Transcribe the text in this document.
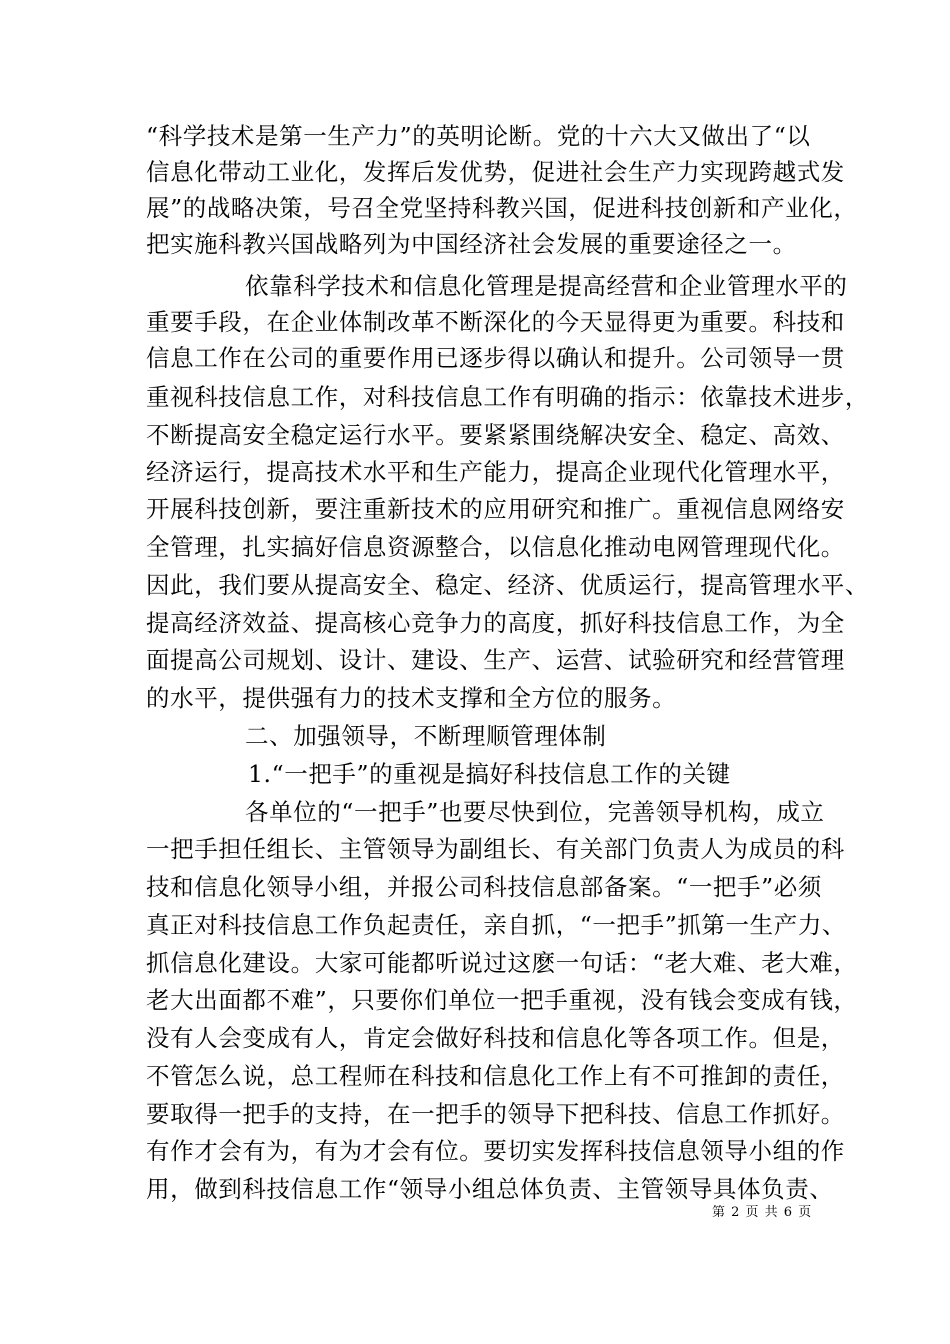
“科学技术是第一生产力”的英明论断。党的十六大又做出了“以
信息化带动工业化，发挥后发优势，促进社会生产力实现跨越式发
展”的战略决策，号召全党坚持科教兴国，促进科技创新和产业化，
把实施科教兴国战略列为中国经济社会发展的重要途径之一。
依靠科学技术和信息化管理是提高经营和企业管理水平的
重要手段，在企业体制改革不断深化的今天显得更为重要。科技和
信息工作在公司的重要作用已逐步得以确认和提升。公司领导一贯
重视科技信息工作，对科技信息工作有明确的指示：依靠技术进步，
不断提高安全稳定运行水平。要紧紧围绕解决安全、稳定、高效、
经济运行，提高技术水平和生产能力，提高企业现代化管理水平，
开展科技创新，要注重新技术的应用研究和推广。重视信息网络安
全管理，扎实搞好信息资源整合，以信息化推动电网管理现代化。
因此，我们要从提高安全、稳定、经济、优质运行，提高管理水平、
提高经济效益、提高核心竞争力的高度，抓好科技信息工作，为全
面提高公司规划、设计、建设、生产、运营、试验研究和经营管理
的水平，提供强有力的技术支撑和全方位的服务。
二、加强领导，不断理顺管理体制
1.“一把手”的重视是搞好科技信息工作的关键
各单位的“一把手”也要尽快到位，完善领导机构，成立
一把手担任组长、主管领导为副组长、有关部门负责人为成员的科
技和信息化领导小组，并报公司科技信息部备案。“一把手”必须
真正对科技信息工作负起责任，亲自抓，“一把手”抓第一生产力、
抓信息化建设。大家可能都听说过这麽一句话：“老大难、老大难，
老大出面都不难”，只要你们单位一把手重视，没有钱会变成有钱，
没有人会变成有人，肯定会做好科技和信息化等各项工作。但是，
不管怎么说，总工程师在科技和信息化工作上有不可推卸的责任，
要取得一把手的支持，在一把手的领导下把科技、信息工作抓好。
有作才会有为，有为才会有位。要切实发挥科技信息领导小组的作
用，做到科技信息工作“领导小组总体负责、主管领导具体负责、
第 2 页 共 6 页
